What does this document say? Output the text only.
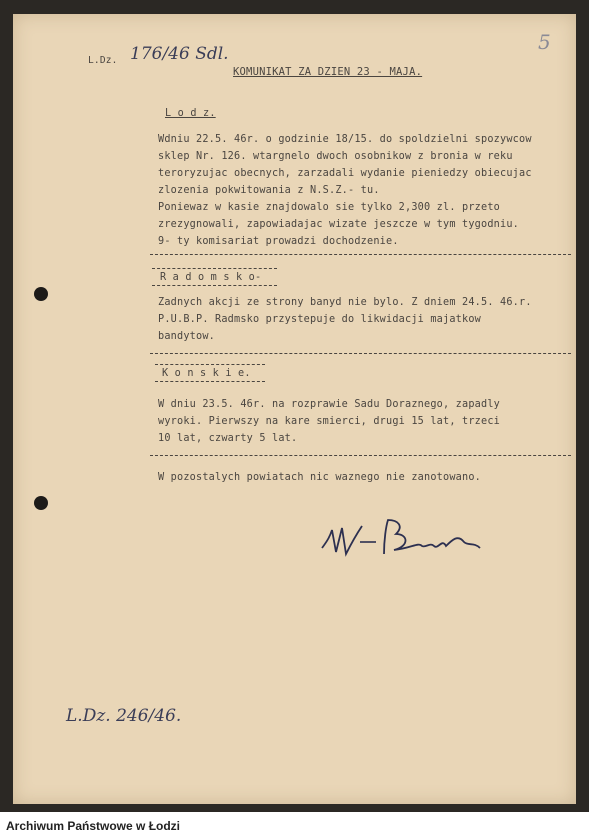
5
L.Dz. 176/46 Sdl.
KOMUNIKAT ZA DZIEN 23 - MAJA.
L o d z.
Wdniu 22.5. 46r. o godzinie 18/15. do spoldzielni spozywcow
sklep Nr. 126. wtargnelo dwoch osobnikow z bronia w reku
teroryzujac obecnych, zarzadali wydanie pieniedzy obiecujac
zlozenia pokwitowania z N.S.Z.- tu.
Poniewaz w kasie znajdowalo sie tylko 2,300 zl. przeto
zrezygnowali, zapowiadajac wizate jeszcze w tym tygodniu.
9- ty komisariat prowadzi dochodzenie.
R a d o m s k o-
Zadnych akcji ze strony banyd nie bylo. Z dniem 24.5. 46.r.
P.U.B.P. Radmsko przystepuje do likwidacji majatkow
bandytow.
K o n s k i e.
W dniu 23.5. 46r. na rozprawie Sadu Doraznego, zapadly
wyroki. Pierwszy na kare smierci, drugi 15 lat, trzeci
10 lat, czwarty 5 lat.
W pozostalych powiatach nic waznego nie zanotowano.
L.Dz. 246/46.
Archiwum Państwowe w Łodzi
